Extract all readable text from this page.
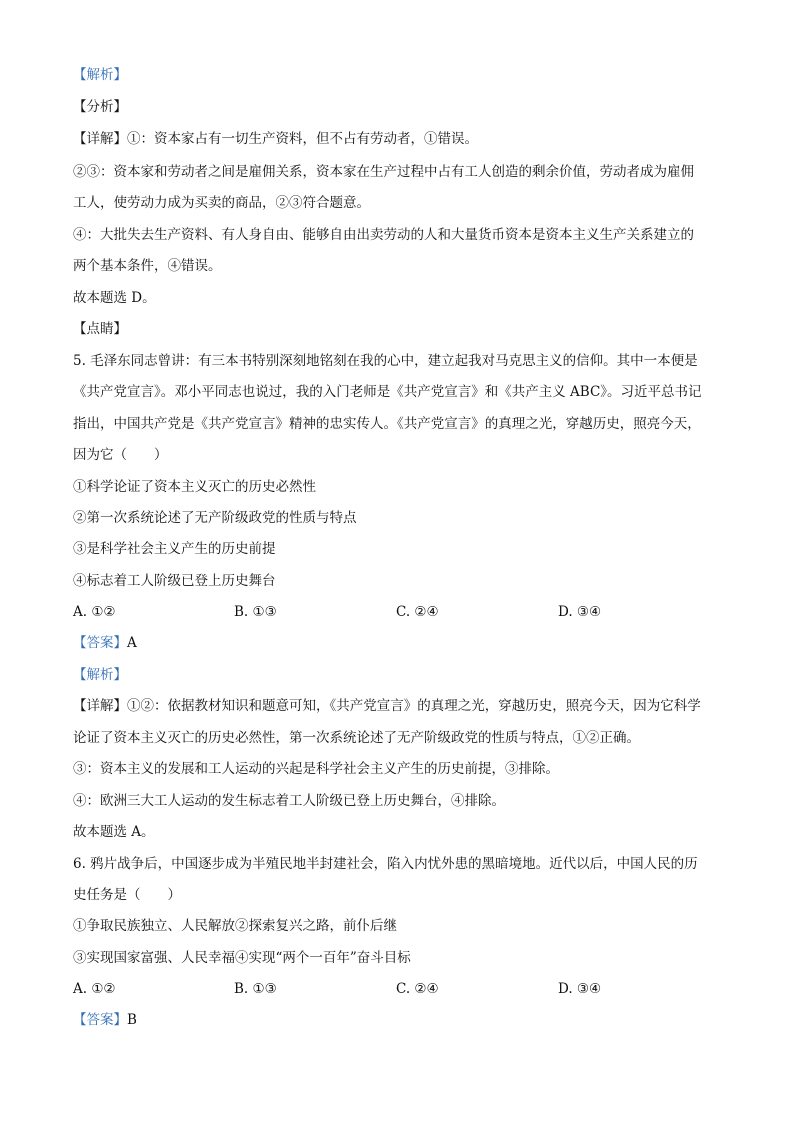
【解析】
【分析】
【详解】①：资本家占有一切生产资料，但不占有劳动者，①错误。
②③：资本家和劳动者之间是雇佣关系，资本家在生产过程中占有工人创造的剩余价值，劳动者成为雇佣
工人，使劳动力成为买卖的商品，②③符合题意。
④：大批失去生产资料、有人身自由、能够自由出卖劳动的人和大量货币资本是资本主义生产关系建立的
两个基本条件，④错误。
故本题选 D。
【点睛】
5. 毛泽东同志曾讲：有三本书特别深刻地铭刻在我的心中，建立起我对马克思主义的信仰。其中一本便是
《共产党宣言》。邓小平同志也说过，我的入门老师是《共产党宣言》和《共产主义 ABC》。习近平总书记
指出，中国共产党是《共产党宣言》精神的忠实传人。《共产党宣言》的真理之光，穿越历史，照亮今天，
因为它（　　）
①科学论证了资本主义灭亡的历史必然性
②第一次系统论述了无产阶级政党的性质与特点
③是科学社会主义产生的历史前提
④标志着工人阶级已登上历史舞台
A. ①②	B. ①③	C. ②④	D. ③④
【答案】A
【解析】
【详解】①②：依据教材知识和题意可知，《共产党宣言》的真理之光，穿越历史，照亮今天，因为它科学
论证了资本主义灭亡的历史必然性，第一次系统论述了无产阶级政党的性质与特点，①②正确。
③：资本主义的发展和工人运动的兴起是科学社会主义产生的历史前提，③排除。
④：欧洲三大工人运动的发生标志着工人阶级已登上历史舞台，④排除。
故本题选 A。
6. 鸦片战争后，中国逐步成为半殖民地半封建社会，陷入内忧外患的黑暗境地。近代以后，中国人民的历
史任务是（　　）
①争取民族独立、人民解放②探索复兴之路，前仆后继
③实现国家富强、人民幸福④实现“两个一百年”奋斗目标
A. ①②	B. ①③	C. ②④	D. ③④
【答案】B
